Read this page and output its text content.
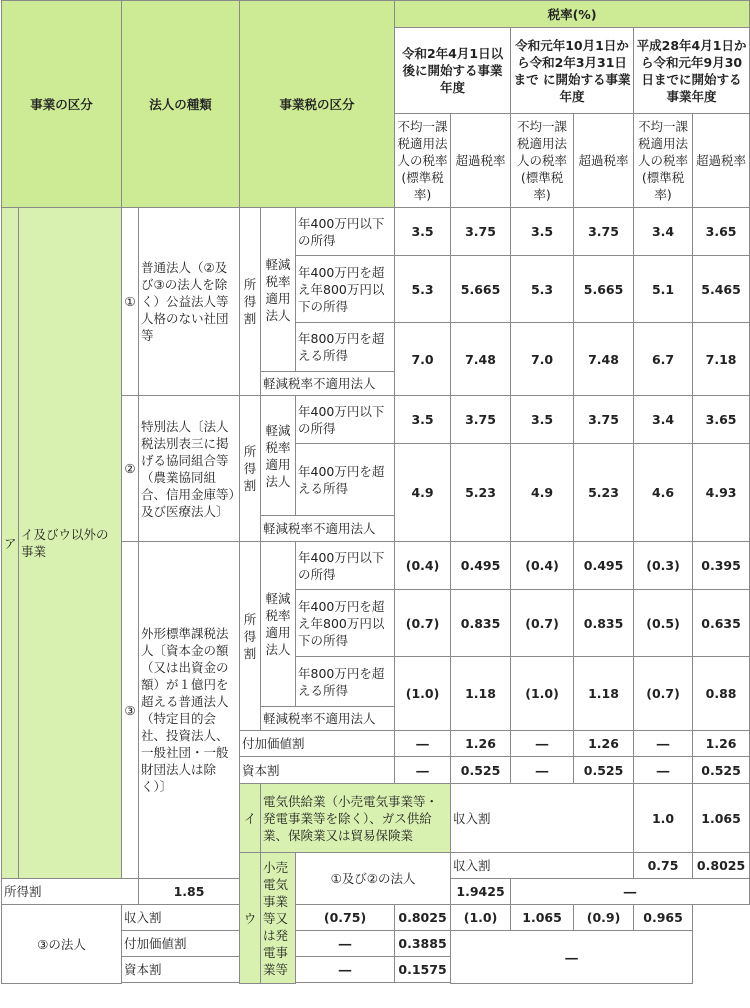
事業の区分		法人の種類		事業税の区分			税率(%)						
							令和2年4月1日以後に開始する事業年度		令和元年10月1日から令和2年3月31日まで に開始する事業年度		平成28年4月1日から令和元年9月30日までに開始する事業年度		
							不均一課税適用法人の税率(標準税率)	超過税率	不均一課税適用法人の税率(標準税率)	超過税率	不均一課税適用法人の税率(標準税率)	超過税率	
ア	イ及びウ以外の事業	①	普通法人（②及び③の法人を除く）公益法人等人格のない社団等	所得割	軽減税率適用法人	年400万円以下の所得	3.5	3.75	3.5	3.75	3.4	3.65	
						年400万円を超え年800万円以下の所得	5.3	5.665	5.3	5.665	5.1	5.465	
						年800万円を超える所得	7.0	7.48	7.0	7.48	6.7	7.18	
					軽減税率不適用法人								
		②	特別法人〔法人税法別表三に掲げる協同組合等（農業協同組合、信用金庫等）及び医療法人〕	所得割	軽減税率適用法人	年400万円以下の所得	3.5	3.75	3.5	3.75	3.4	3.65	
						年400万円を超える所得	4.9	5.23	4.9	5.23	4.6	4.93	
					軽減税率不適用法人								
		③	外形標準課税法人〔資本金の額（又は出資金の額）が１億円を超える普通法人（特定目的会社、投資法人、一般社団・一般財団法人は除く）〕	所得割	軽減税率適用法人	年400万円以下の所得	(0.4)	0.495	(0.4)	0.495	(0.3)	0.395	
						年400万円を超え年800万円以下の所得	(0.7)	0.835	(0.7)	0.835	(0.5)	0.635	
						年800万円を超える所得	(1.0)	1.18	(1.0)	1.18	(0.7)	0.88	
					軽減税率不適用法人								
				付加価値割			―	1.26	―	1.26	―	1.26	
				資本割			―	0.525	―	0.525	―	0.525	
				イ	電気供給業（小売電気事業等・発電事業等を除く）、ガス供給業、保険業又は貿易保険業			収入割			1.0	1.065				
				ウ	小売電気事業等又は発電事業等	①及び②の法人		収入割			0.75	0.8025				
所得割			1.85					1.9425	―				
③の法人		収入割				(0.75)	0.8025	(1.0)	1.065	(0.9)	0.965		
		付加価値割				―	0.3885	―					
		資本割				―	0.1575						
